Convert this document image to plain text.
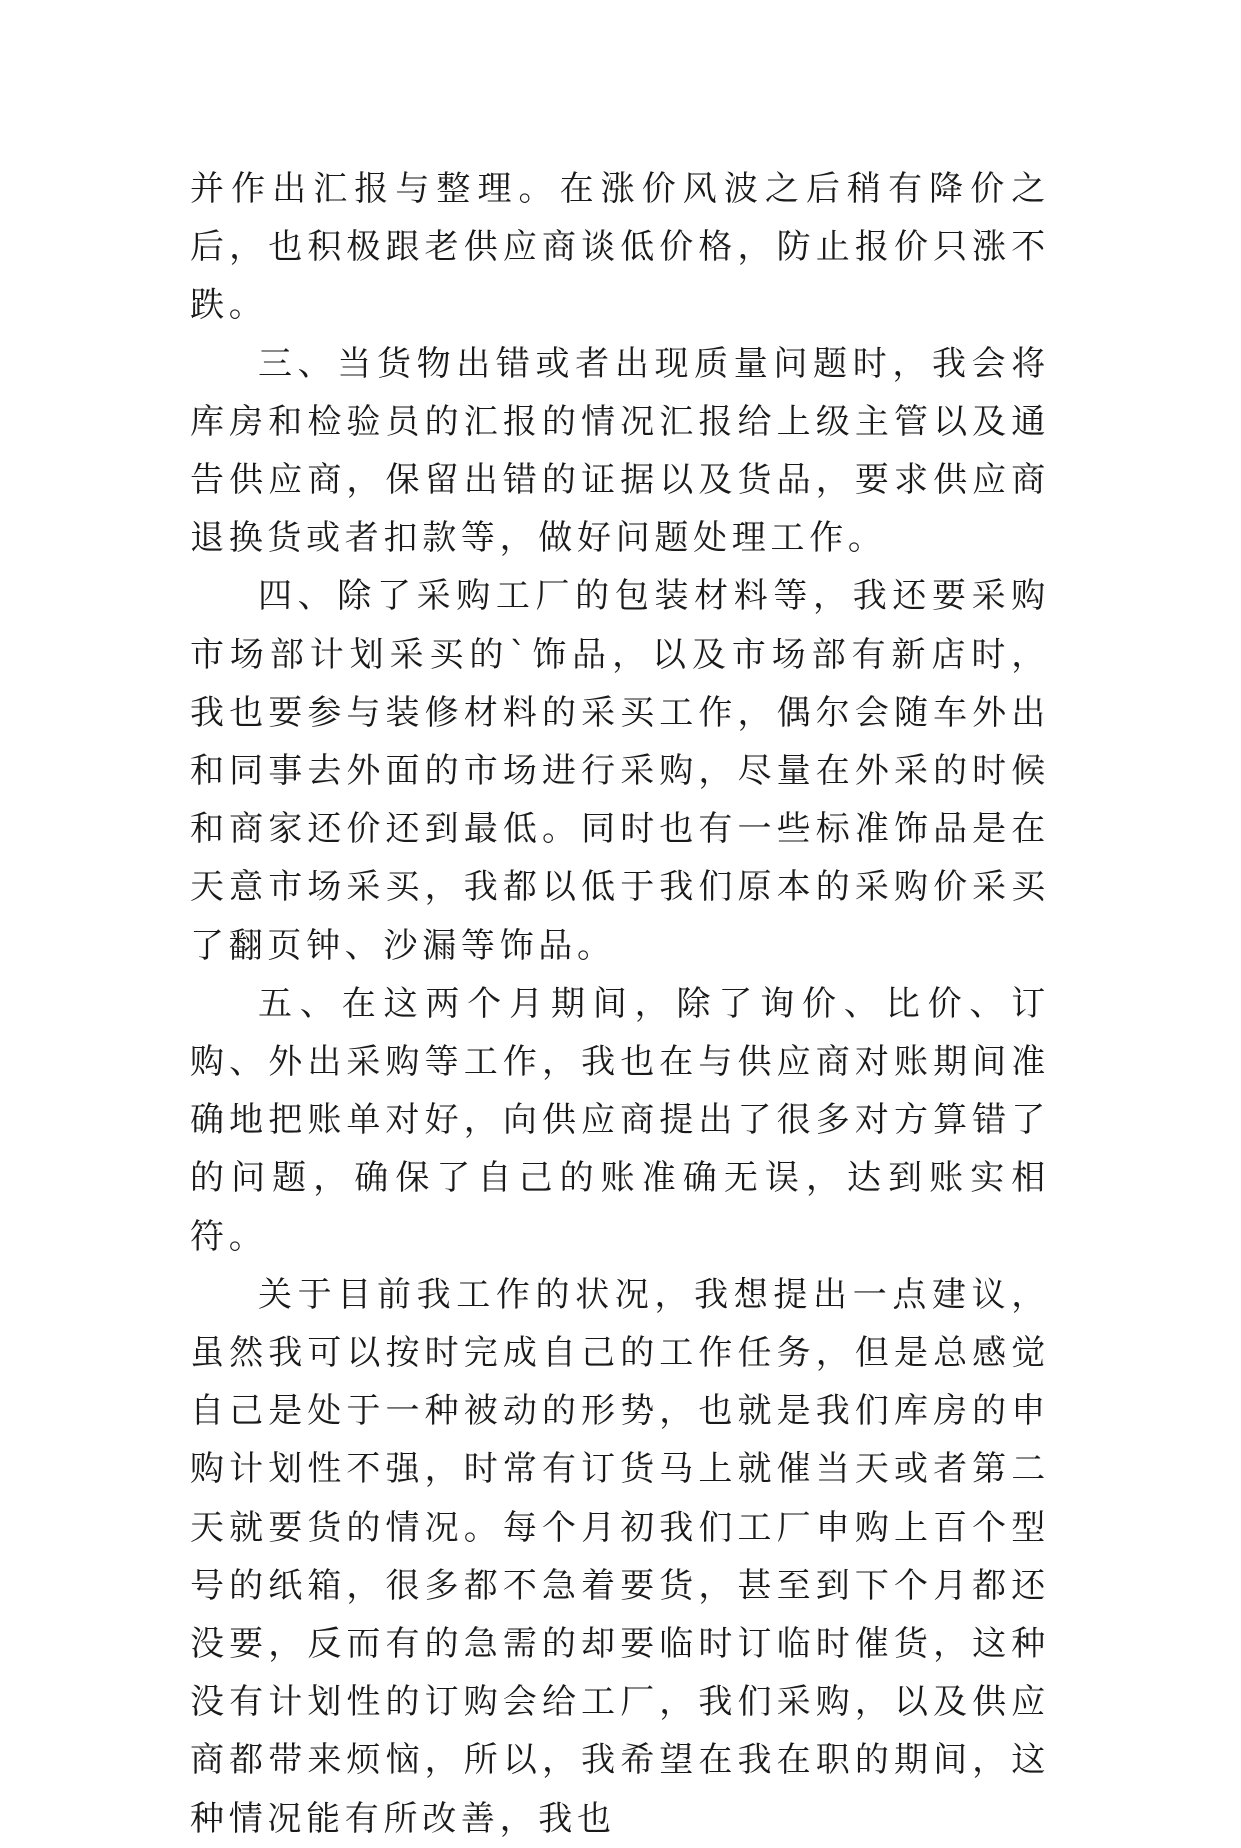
并作出汇报与整理。在涨价风波之后稍有降价之后，也积极跟老供应商谈低价格，防止报价只涨不跌。

三、当货物出错或者出现质量问题时，我会将库房和检验员的汇报的情况汇报给上级主管以及通告供应商，保留出错的证据以及货品，要求供应商退换货或者扣款等，做好问题处理工作。

四、除了采购工厂的包装材料等，我还要采购市场部计划采买的`饰品，以及市场部有新店时，我也要参与装修材料的采买工作，偶尔会随车外出和同事去外面的市场进行采购，尽量在外采的时候和商家还价还到最低。同时也有一些标准饰品是在天意市场采买，我都以低于我们原本的采购价采买了翻页钟、沙漏等饰品。

五、在这两个月期间，除了询价、比价、订购、外出采购等工作，我也在与供应商对账期间准确地把账单对好，向供应商提出了很多对方算错了的问题，确保了自己的账准确无误，达到账实相符。

关于目前我工作的状况，我想提出一点建议，虽然我可以按时完成自己的工作任务，但是总感觉自己是处于一种被动的形势，也就是我们库房的申购计划性不强，时常有订货马上就催当天或者第二天就要货的情况。每个月初我们工厂申购上百个型号的纸箱，很多都不急着要货，甚至到下个月都还没要，反而有的急需的却要临时订临时催货，这种没有计划性的订购会给工厂，我们采购，以及供应商都带来烦恼，所以，我希望在我在职的期间，这种情况能有所改善，我也
